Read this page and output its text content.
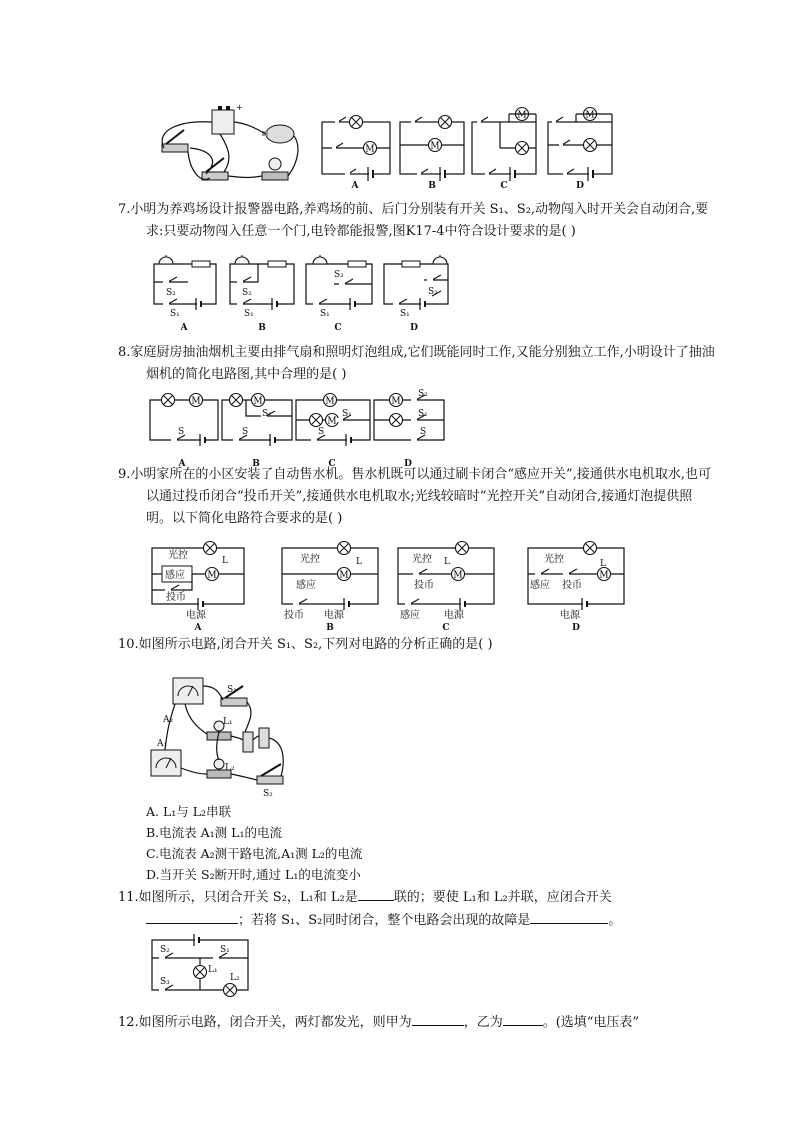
M
+
A	B	C	D

7.小明为养鸡场设计报警器电路,养鸡场的前、后门分别装有开关 S₁、S₂,动物闯入时开关会自动闭合,要求:只要动物闯入任意一个门,电铃都能报警,图K17-4中符合设计要求的是( )

S₂
S₁
S₂
S₁
S₂
S₁
S₂
S₁
A	B	C	D

8.家庭厨房抽油烟机主要由排气扇和照明灯泡组成,它们既能同时工作,又能分别独立工作,小明设计了抽油烟机的简化电路图,其中合理的是( )

S
S₁
S
S₁
S
S₂
S₁
S
A	B	C	D

9.小明家所在的小区安装了自动售水机。售水机既可以通过刷卡闭合“感应开关”,接通供水电机取水,也可以通过投币闭合“投币开关”,接通供水电机取水;光线较暗时“光控开关”自动闭合,接通灯泡提供照明。以下简化电路符合要求的是( )

光控	L
感应
投币
电源
光控	L
感应
投币 电源
光控 L
投币
感应 电源
光控	L
感应 投币
电源
A	B	C	D

10.如图所示电路,闭合开关 S₁、S₂,下列对电路的分析正确的是( )

A₂
A₁
S₁
L₁
L₂
S₂

A. L₁与 L₂串联

B.电流表 A₁测 L₁的电流

C.电流表 A₂测干路电流,A₁测 L₂的电流

D.当开关 S₂断开时,通过 L₁的电流变小

11.如图所示，只闭合开关 S₂，L₁和 L₂是	联的；要使 L₁和 L₂并联，应闭合开关

；若将 S₁、S₂同时闭合，整个电路会出现的故障是	。

S₂	S₁
L₁
L₂
S₃

12.如图所示电路，闭合开关，两灯都发光，则甲为	，乙为	。(选填“电压表”
